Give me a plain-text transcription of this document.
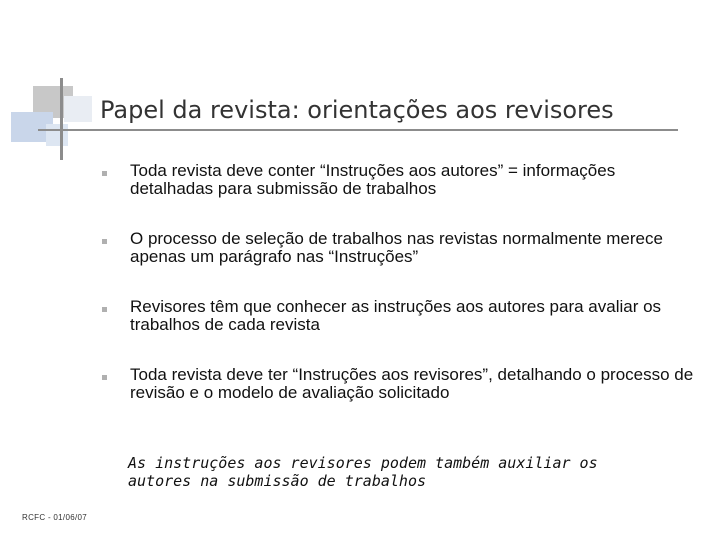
Papel da revista: orientações aos revisores
Toda revista deve conter “Instruções aos autores” = informações detalhadas para submissão de trabalhos
O processo de seleção de trabalhos nas revistas normalmente merece apenas um parágrafo nas “Instruções”
Revisores têm que conhecer as instruções aos autores para avaliar os trabalhos de cada revista
Toda revista deve ter “Instruções aos revisores”, detalhando o processo de revisão e o modelo de avaliação solicitado
As instruções aos revisores podem também auxiliar os autores na submissão de trabalhos
RCFC - 01/06/07
